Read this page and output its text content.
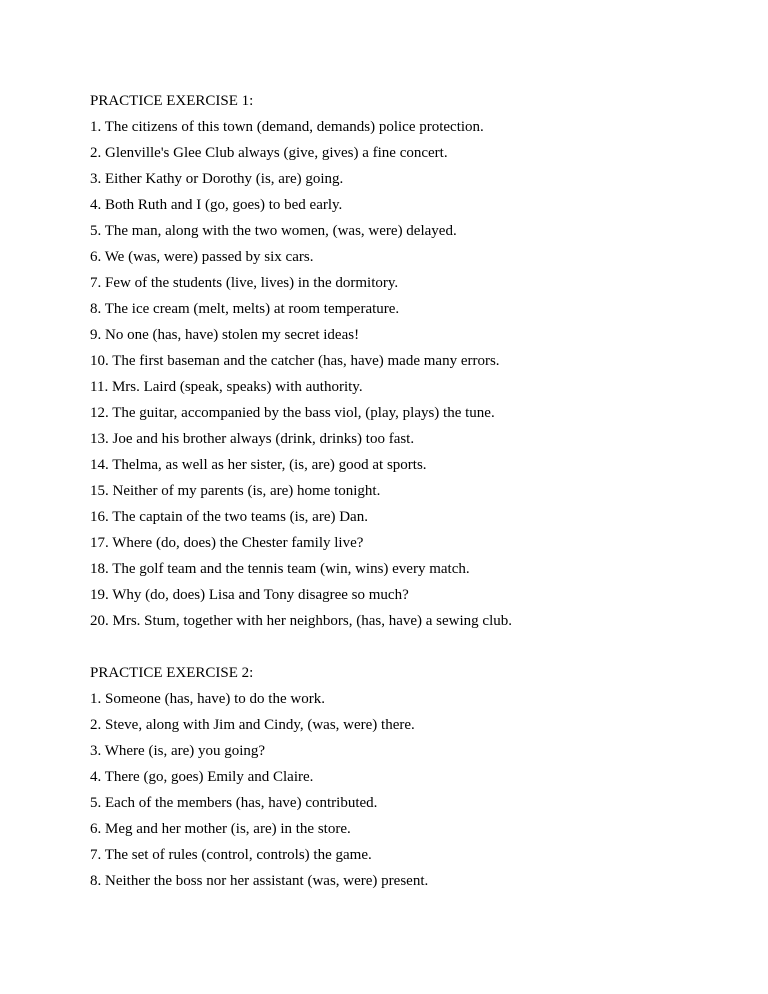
PRACTICE EXERCISE 1:
1. The citizens of this town (demand, demands) police protection.
2. Glenville's Glee Club always (give, gives) a fine concert.
3. Either Kathy or Dorothy (is, are) going.
4. Both Ruth and I (go, goes) to bed early.
5. The man, along with the two women, (was, were) delayed.
6. We (was, were) passed by six cars.
7. Few of the students (live, lives) in the dormitory.
8. The ice cream (melt, melts) at room temperature.
9. No one (has, have) stolen my secret ideas!
10. The first baseman and the catcher (has, have) made many errors.
11. Mrs. Laird (speak, speaks) with authority.
12. The guitar, accompanied by the bass viol, (play, plays) the tune.
13. Joe and his brother always (drink, drinks) too fast.
14. Thelma, as well as her sister, (is, are) good at sports.
15. Neither of my parents (is, are) home tonight.
16. The captain of the two teams (is, are) Dan.
17. Where (do, does) the Chester family live?
18. The golf team and the tennis team (win, wins) every match.
19. Why (do, does) Lisa and Tony disagree so much?
20. Mrs. Stum, together with her neighbors, (has, have) a sewing club.
PRACTICE EXERCISE 2:
1. Someone (has, have) to do the work.
2. Steve, along with Jim and Cindy, (was, were) there.
3. Where (is, are) you going?
4. There (go, goes) Emily and Claire.
5. Each of the members (has, have) contributed.
6. Meg and her mother (is, are) in the store.
7. The set of rules (control, controls) the game.
8. Neither the boss nor her assistant (was, were) present.
